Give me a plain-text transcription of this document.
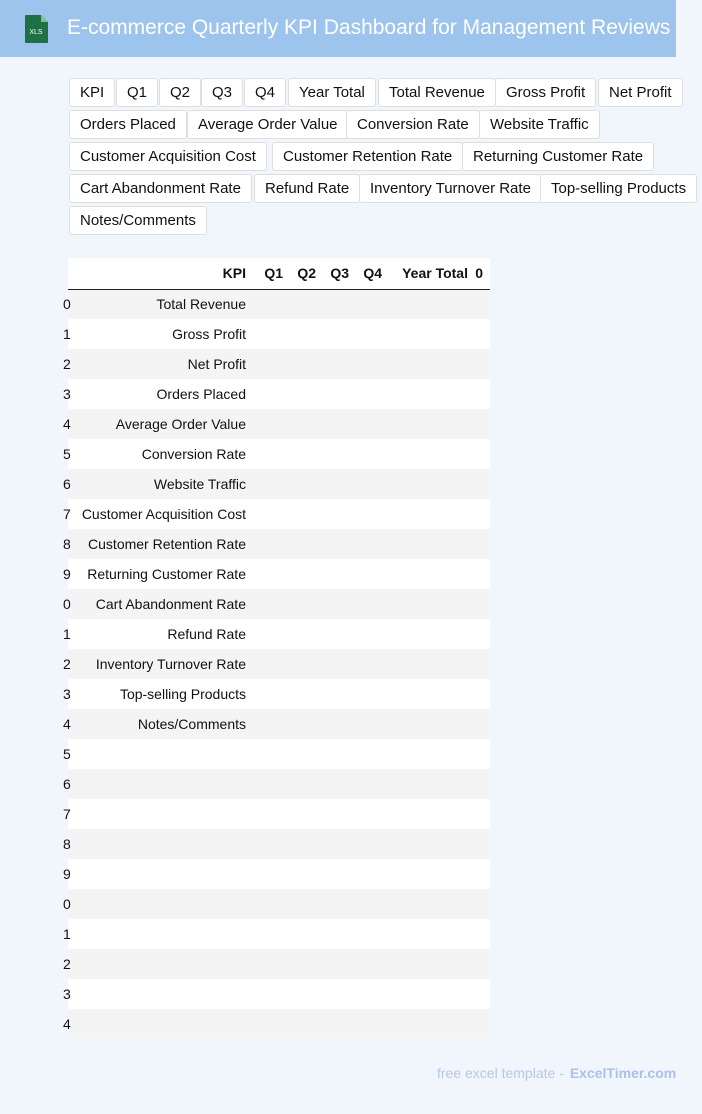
XLS E-commerce Quarterly KPI Dashboard for Management Reviews
KPI	Q1	Q2	Q3	Q4	Year Total	Total Revenue	Gross Profit	Net Profit
Orders Placed	Average Order Value	Conversion Rate	Website Traffic
Customer Acquisition Cost	Customer Retention Rate	Returning Customer Rate
Cart Abandonment Rate	Refund Rate	Inventory Turnover Rate	Top-selling Products
Notes/Comments
	KPI	Q1	Q2	Q3	Q4	Year Total	0
0	Total Revenue						
1	Gross Profit						
2	Net Profit						
3	Orders Placed						
4	Average Order Value						
5	Conversion Rate						
6	Website Traffic						
7	Customer Acquisition Cost						
8	Customer Retention Rate						
9	Returning Customer Rate						
0	Cart Abandonment Rate						
1	Refund Rate						
2	Inventory Turnover Rate						
3	Top-selling Products						
4	Notes/Comments						
5							
6							
7							
8							
9							
0							
1							
2							
3							
4							
free excel template - ExcelTimer.com
